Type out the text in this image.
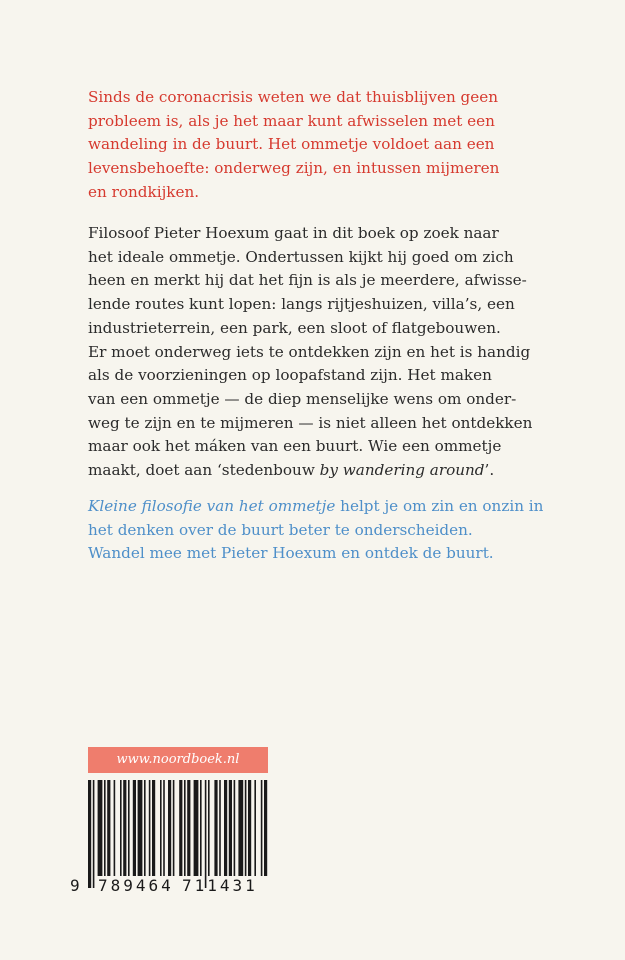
Sinds de coronacrisis weten we dat thuisblijven geen
probleem is, als je het maar kunt afwisselen met een
wandeling in de buurt. Het ommetje voldoet aan een
levensbehoefte: onderweg zijn, en intussen mijmeren
en rondkijken.

Filosoof Pieter Hoexum gaat in dit boek op zoek naar
het ideale ommetje. Ondertussen kijkt hij goed om zich
heen en merkt hij dat het fijn is als je meerdere, afwisse-
lende routes kunt lopen: langs rijtjeshuizen, villa’s, een
industrieterrein, een park, een sloot of flatgebouwen.
Er moet onderweg iets te ontdekken zijn en het is handig
als de voorzieningen op loopafstand zijn. Het maken
van een ommetje — de diep menselijke wens om onder-
weg te zijn en te mijmeren — is niet alleen het ontdekken
maar ook het máken van een buurt. Wie een ommetje
maakt, doet aan ‘stedenbouw by wandering around’.

Kleine filosofie van het ommetje helpt je om zin en onzin in
het denken over de buurt beter te onderscheiden.
Wandel mee met Pieter Hoexum en ontdek de buurt.

www.noordboek.nl
9 789464 711431
